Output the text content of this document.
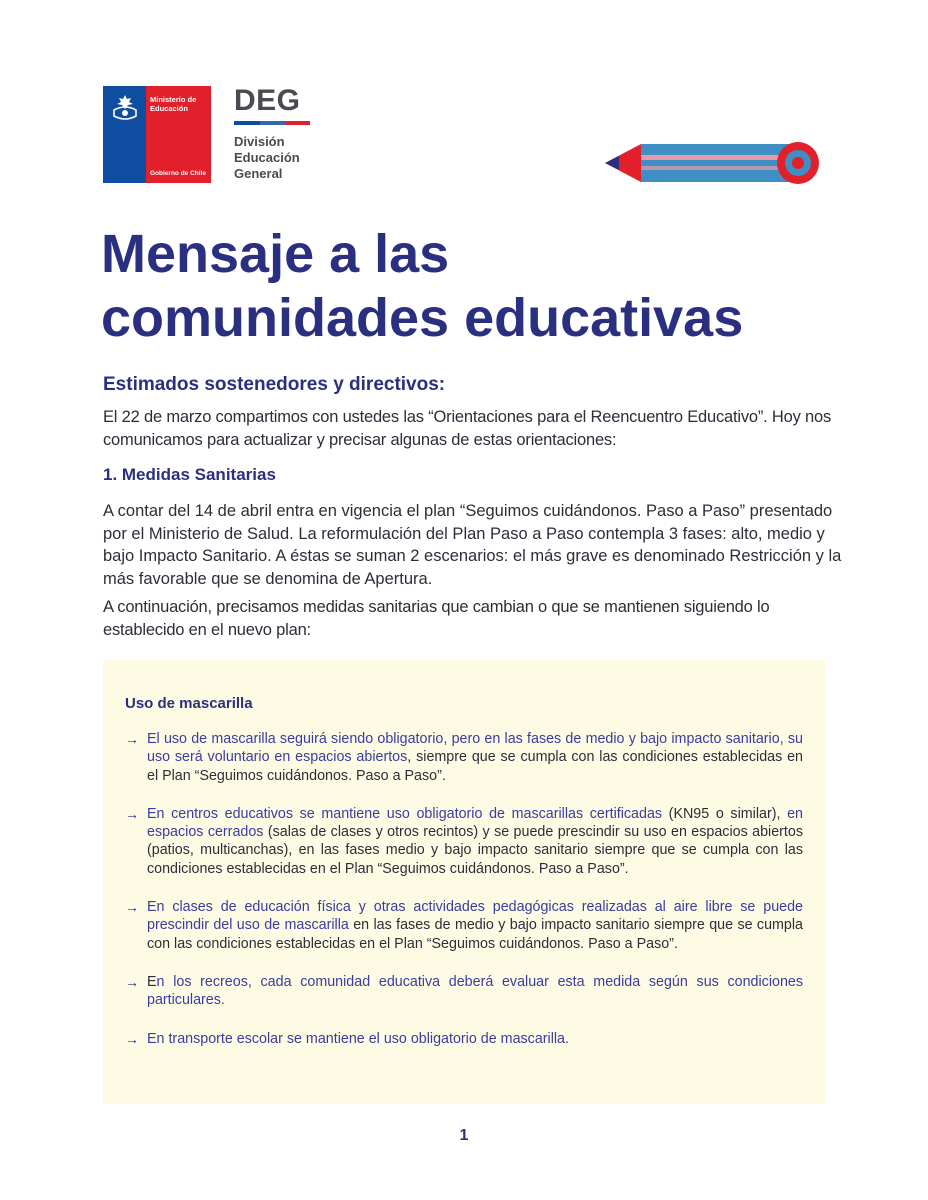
Ministerio de Educación
Gobierno de Chile
DEG
División
Educación
General
Mensaje a las
comunidades educativas
Estimados sostenedores y directivos:
El 22 de marzo compartimos con ustedes las “Orientaciones para el Reencuentro Educativo”. Hoy nos comunicamos para actualizar y precisar algunas de estas orientaciones:
1. Medidas Sanitarias
A contar del 14 de abril entra en vigencia el plan “Seguimos cuidándonos. Paso a Paso” presentado por el Ministerio de Salud. La reformulación del Plan Paso a Paso contempla 3 fases: alto, medio y bajo Impacto Sanitario. A éstas se suman 2 escenarios: el más grave es denominado Restricción y la más favorable que se denomina de Apertura.
A continuación, precisamos medidas sanitarias que cambian o que se mantienen siguiendo lo establecido en el nuevo plan:
Uso de mascarilla
→ El uso de mascarilla seguirá siendo obligatorio, pero en las fases de medio y bajo impacto sanitario, su uso será voluntario en espacios abiertos, siempre que se cumpla con las condiciones establecidas en el Plan “Seguimos cuidándonos. Paso a Paso”.
→ En centros educativos se mantiene uso obligatorio de mascarillas certificadas (KN95 o similar), en espacios cerrados (salas de clases y otros recintos) y se puede prescindir su uso en espacios abiertos (patios, multicanchas), en las fases medio y bajo impacto sanitario siempre que se cumpla con las condiciones establecidas en el Plan “Seguimos cuidándonos. Paso a Paso”.
→ En clases de educación física y otras actividades pedagógicas realizadas al aire libre se puede prescindir del uso de mascarilla en las fases de medio y bajo impacto sanitario siempre que se cumpla con las condiciones establecidas en el Plan “Seguimos cuidándonos. Paso a Paso”.
→ En los recreos, cada comunidad educativa deberá evaluar esta medida según sus condiciones particulares.
→ En transporte escolar se mantiene el uso obligatorio de mascarilla.
1
